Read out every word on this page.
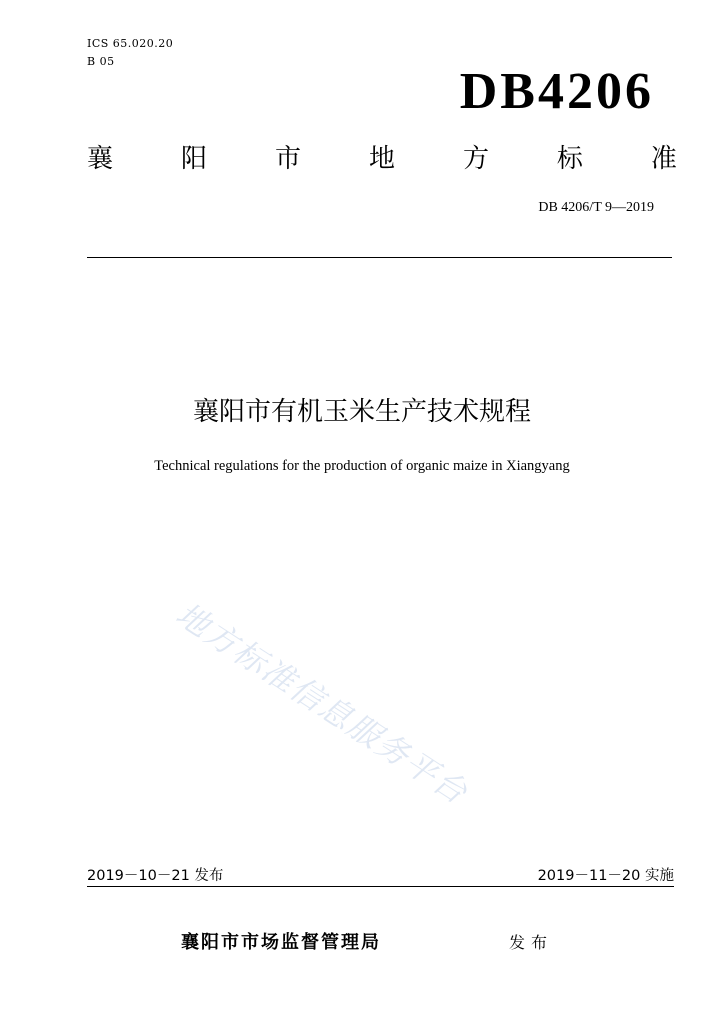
ICS 65.020.20
B 05
DB4206
襄	阳	市	地	方	标	准
DB 4206/T 9—2019
襄阳市有机玉米生产技术规程
Technical regulations for the production of organic maize in Xiangyang
地方标准信息服务平台
2019－10－21 发布	2019－11－20 实施
襄阳市市场监督管理局	发布
